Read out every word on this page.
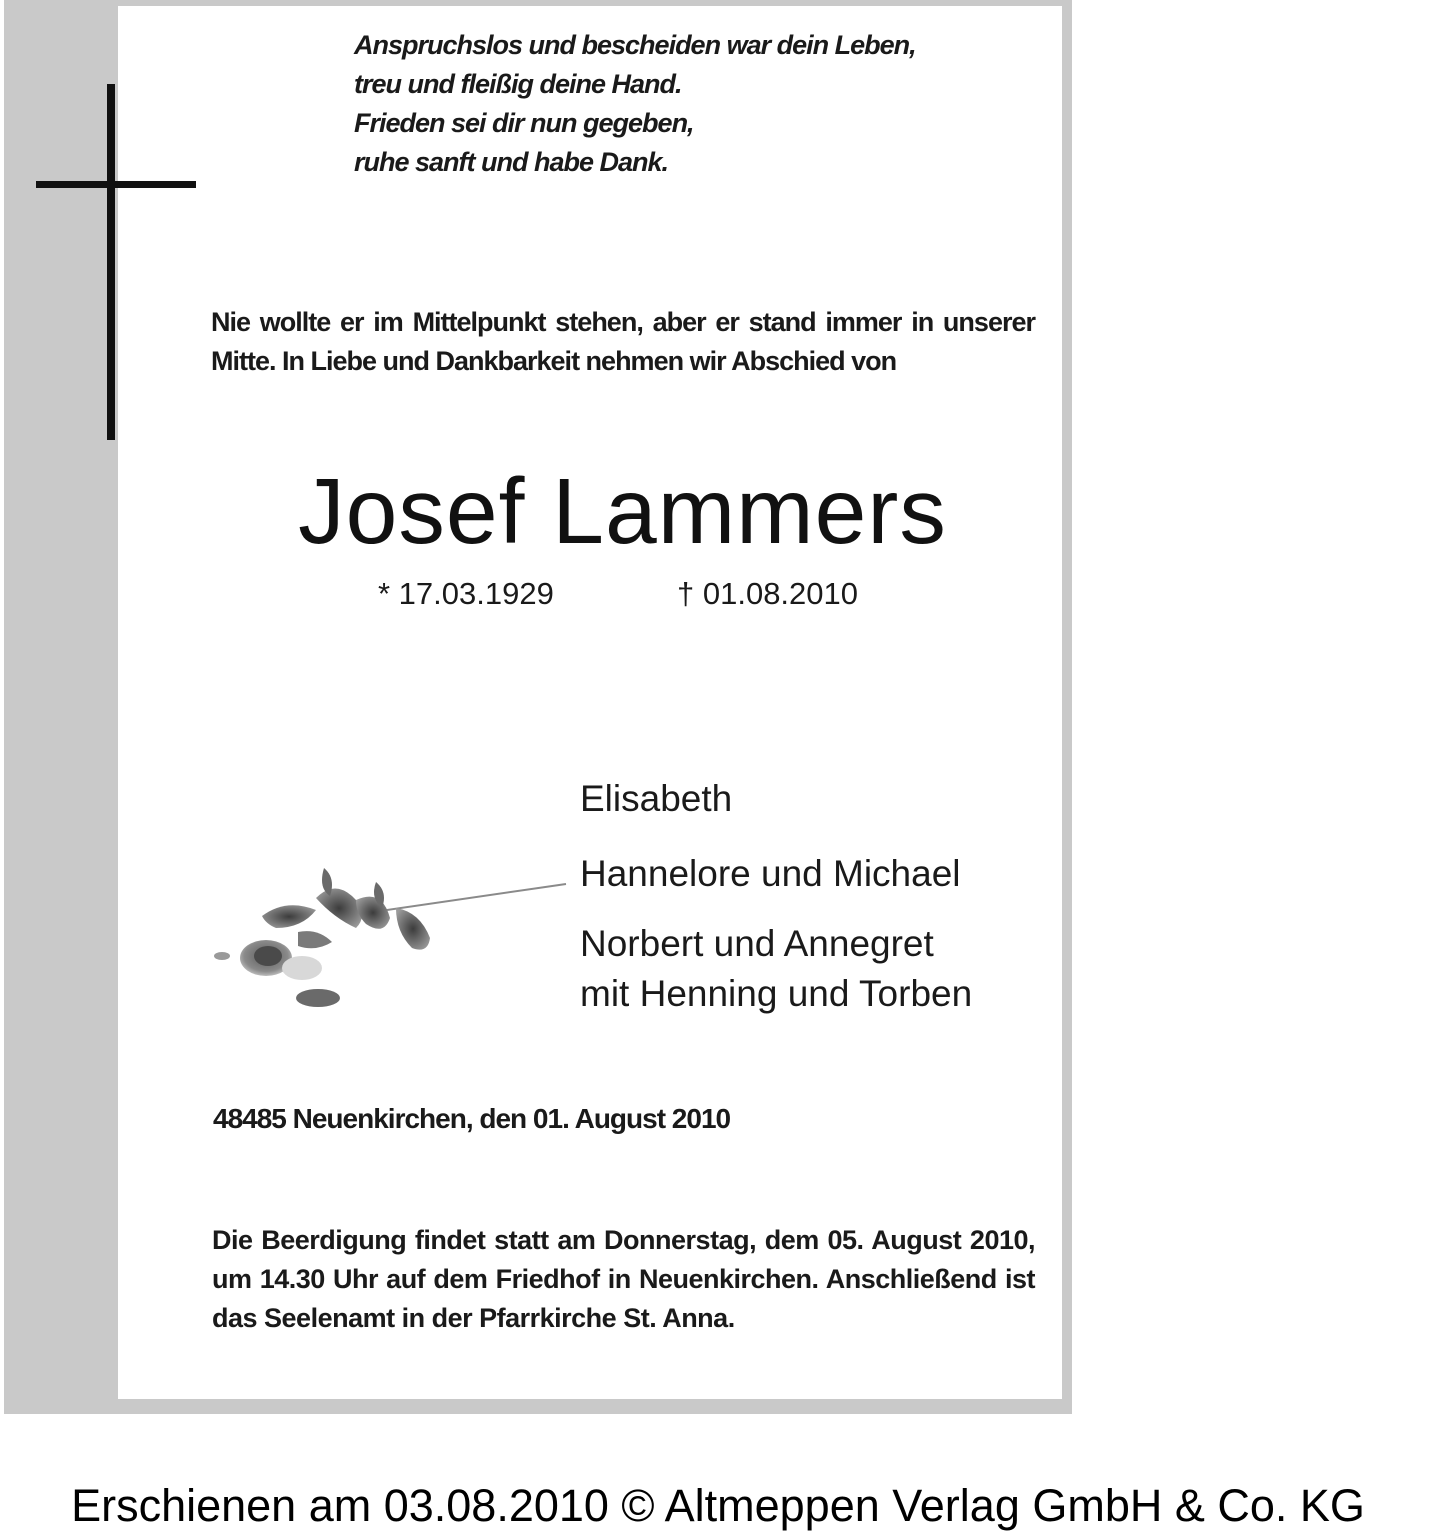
Anspruchslos und bescheiden war dein Leben,
treu und fleißig deine Hand.
Frieden sei dir nun gegeben,
ruhe sanft und habe Dank.
Nie wollte er im Mittelpunkt stehen, aber er stand immer in unserer Mitte. In Liebe und Dankbarkeit nehmen wir Abschied von
Josef Lammers
* 17.03.1929	† 01.08.2010
Elisabeth
Hannelore und Michael
Norbert und Annegret
mit Henning und Torben
48485 Neuenkirchen, den 01. August 2010
Die Beerdigung findet statt am Donnerstag, dem 05. August 2010, um 14.30 Uhr auf dem Friedhof in Neuenkirchen. Anschließend ist das Seelenamt in der Pfarrkirche St. Anna.
Erschienen am 03.08.2010 © Altmeppen Verlag GmbH & Co. KG
